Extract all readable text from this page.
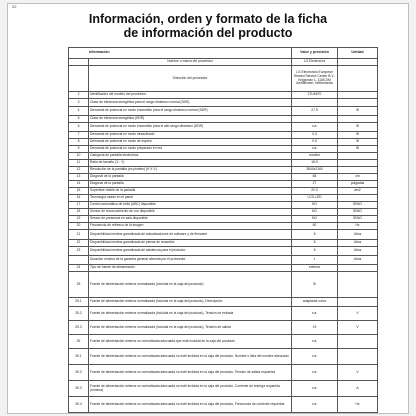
22
Información, orden y formato de la ficha
de información del producto
Información		Valor y precisión	Unidad
	Nombre o marca del proveedor	LG Electronics	
	Dirección del proveedor	LG Electronics European Shared Service Center B.V., Krijgsman 1, 1186 DM Amstelveen, Netherlands	
2	Identificador del modelo del proveedor	27UK670	
3	Clase de eficiencia energética para el rango dinámico normal (SDR)		
4	Demanda de potencia en modo encendido para el rango dinámico normal (SDR)	27.9	W
5	Clase de eficiencia energética (HDR)		
6	Demanda de potencia en modo encendido para el alto rango dinámico (HDR)	n.a.	W
7	Demanda de potencia en modo desactivado	0.3	W
8	Demanda de potencia en modo de espera	0.5	W
9	Demanda de potencia en modo preparado en red	n.a.	W
10	Categoría de pantalla electrónica	monitor	
11	Ratio de tamaño (X : Y)	16:9	
12	Resolución de la pantalla (en píxeles) (H X V)	3840x2160	
13	Diagonal de la pantalla	68	cm
14	Diagonal de la pantalla	27	pulgadas
15	Superficie visible de la pantalla	20.0	dm2
16	Tecnología usado en el panel	LCD-LED	
17	Control automático de brillo (ABC) disponible	NO	SÍ/NO
18	Sensor de reconocimiento de voz disponible	NO	SÍ/NO
19	Sensor de presencia en sala disponible	NO	SÍ/NO
20	Frecuencia de refresco de la imagen	60	Hz
21	Disponibilidad mínima garantizada de actualizaciones de software y de firmware	8	Años
22	Disponibilidad mínima garantizada de piezas de recambio	8	Años
23	Disponibilidad mínima garantizada de asistencia para el producto	8	Años
	Duración mínima de la garantía general ofrecida por el proveedor	1	Años
24	Tipo de fuente de alimentación	externa	
25	Fuente de alimentación externa normalizada (incluida en la caja del producto)	Sí	
25.1	Fuente de alimentación externa normalizada (incluida en la caja del producto), Descripción	adaptador ca/cc	
25.2	Fuente de alimentación externa normalizada (incluida en la caja del producto), Tensión de entrada	n.a.	V
25.3	Fuente de alimentación externa normalizada (incluida en la caja del producto), Tensión de salida	19	V
26	Fuente de alimentación externa no normalizada adecuada que esté incluida en la caja del producto	n.a.	
26.1	Fuente de alimentación externa no normalizada adecuada no esté incluida en la caja del producto, Nombre o lista del nombre adecuado	n.a.	
26.2	Fuente de alimentación externa no normalizada adecuada no esté incluida en la caja del producto, Tensión de salida requerida	n.a.	V
26.3	Fuente de alimentación externa no normalizada adecuada no esté incluida en la caja del producto, Corriente de entrega requerida (mínima)	n.a.	A
26.4	Fuente de alimentación externa no normalizada adecuada no esté incluida en la caja del producto, Frecuencia de corriente requerida	n.a.	Hz
